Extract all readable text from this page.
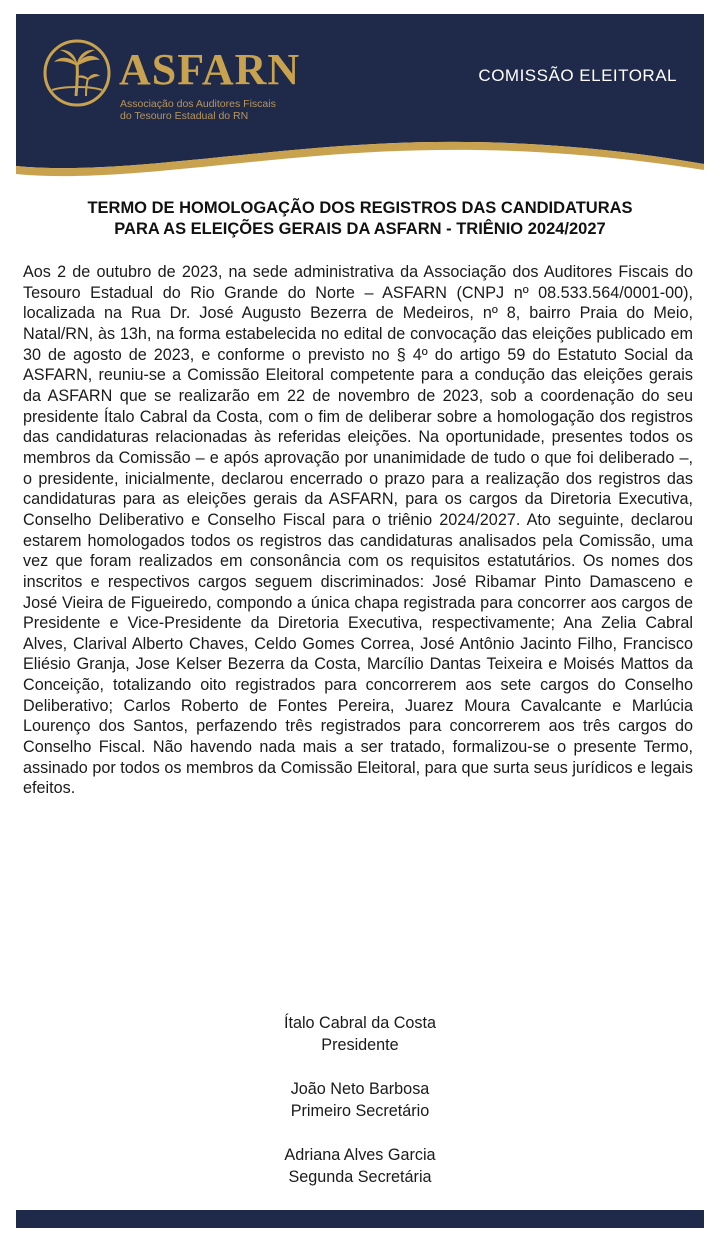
ASFARN
Associação dos Auditores Fiscais
do Tesouro Estadual do RN
COMISSÃO ELEITORAL
TERMO DE HOMOLOGAÇÃO DOS REGISTROS DAS CANDIDATURAS
PARA AS ELEIÇÕES GERAIS DA ASFARN - TRIÊNIO 2024/2027
Aos 2 de outubro de 2023, na sede administrativa da Associação dos Auditores Fiscais do Tesouro Estadual do Rio Grande do Norte – ASFARN (CNPJ nº 08.533.564/0001-00), localizada na Rua Dr. José Augusto Bezerra de Medeiros, nº 8, bairro Praia do Meio, Natal/RN, às 13h, na forma estabelecida no edital de convocação das eleições publicado em 30 de agosto de 2023, e conforme o previsto no § 4º do artigo 59 do Estatuto Social da ASFARN, reuniu-se a Comissão Eleitoral competente para a condução das eleições gerais da ASFARN que se realizarão em 22 de novembro de 2023, sob a coordenação do seu presidente Ítalo Cabral da Costa, com o fim de deliberar sobre a homologação dos registros das candidaturas relacionadas às referidas eleições. Na oportunidade, presentes todos os membros da Comissão – e após aprovação por unanimidade de tudo o que foi deliberado –, o presidente, inicialmente, declarou encerrado o prazo para a realização dos registros das candidaturas para as eleições gerais da ASFARN, para os cargos da Diretoria Executiva, Conselho Deliberativo e Conselho Fiscal para o triênio 2024/2027. Ato seguinte, declarou estarem homologados todos os registros das candidaturas analisados pela Comissão, uma vez que foram realizados em consonância com os requisitos estatutários. Os nomes dos inscritos e respectivos cargos seguem discriminados: José Ribamar Pinto Damasceno e José Vieira de Figueiredo, compondo a única chapa registrada para concorrer aos cargos de Presidente e Vice-Presidente da Diretoria Executiva, respectivamente; Ana Zelia Cabral Alves, Clarival Alberto Chaves, Celdo Gomes Correa, José Antônio Jacinto Filho, Francisco Eliésio Granja, Jose Kelser Bezerra da Costa, Marcílio Dantas Teixeira e Moisés Mattos da Conceição, totalizando oito registrados para concorrerem aos sete cargos do Conselho Deliberativo; Carlos Roberto de Fontes Pereira, Juarez Moura Cavalcante e Marlúcia Lourenço dos Santos, perfazendo três registrados para concorrerem aos três cargos do Conselho Fiscal. Não havendo nada mais a ser tratado, formalizou-se o presente Termo, assinado por todos os membros da Comissão Eleitoral, para que surta seus jurídicos e legais efeitos.
Ítalo Cabral da Costa
Presidente
João Neto Barbosa
Primeiro Secretário
Adriana Alves Garcia
Segunda Secretária
